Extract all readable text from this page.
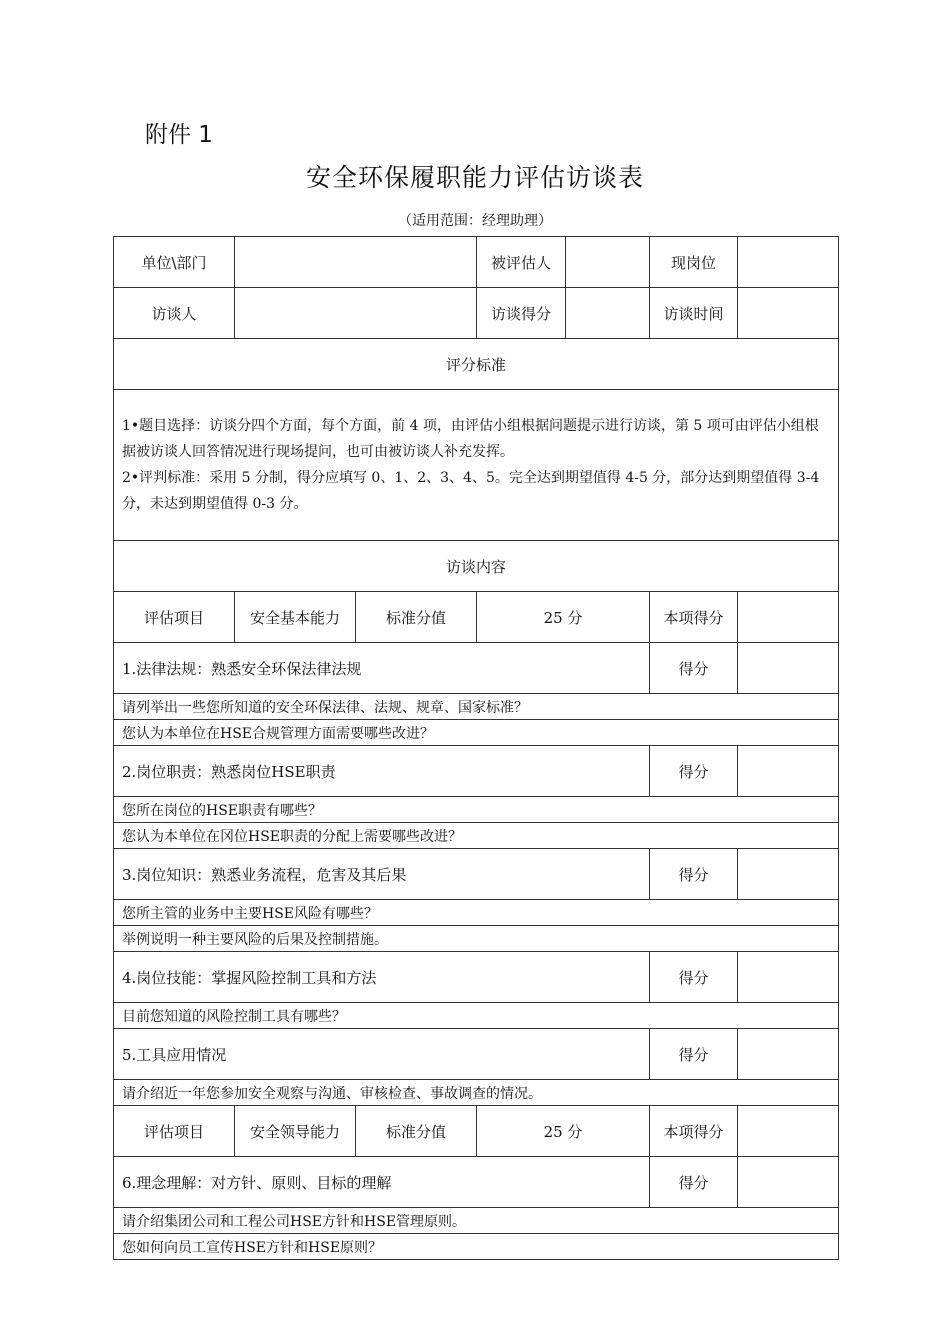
附件 1
安全环保履职能力评估访谈表
（适用范围：经理助理）
单位\部门			被评估人		现岗位	
访谈人			访谈得分		访谈时间	
评分标准						

1•题目选择：访谈分四个方面，每个方面，前 4 项，由评估小组根据问题提示进行访谈，第 5 项可由评估小组根据被访谈人回答情况进行现场提问，也可由被访谈人补充发挥。

2•评判标准：采用 5 分制，得分应填写 0、1、2、3、4、5。完全达到期望值得 4-5 分，部分达到期望值得 3-4 分，未达到期望值得 0-3 分。						

访谈内容						
评估项目	安全基本能力	标准分值	25 分		本项得分	
1.法律法规：熟悉安全环保法律法规					得分	
请列举出一些您所知道的安全环保法律、法规、规章、国家标准？						
您认为本单位在HSE合规管理方面需要哪些改进？						
2.岗位职责：熟悉岗位HSE职责					得分	
您所在岗位的HSE职责有哪些？						
您认为本单位在冈位HSE职责的分配上需要哪些改进？						
3.岗位知识：熟悉业务流程，危害及其后果					得分	
您所主管的业务中主要HSE风险有哪些？						
举例说明一种主要风险的后果及控制措施。						
4.岗位技能：掌握风险控制工具和方法					得分	
目前您知道的风险控制工具有哪些？						
5.工具应用情况					得分	
请介绍近一年您参加安全观察与沟通、审核检查、事故调查的情况。						
评估项目	安全领导能力	标准分值	25 分		本项得分	
6.理念理解：对方针、原则、目标的理解					得分	
请介绍集团公司和工程公司HSE方针和HSE管理原则。						
您如何向员工宣传HSE方针和HSE原则？						
